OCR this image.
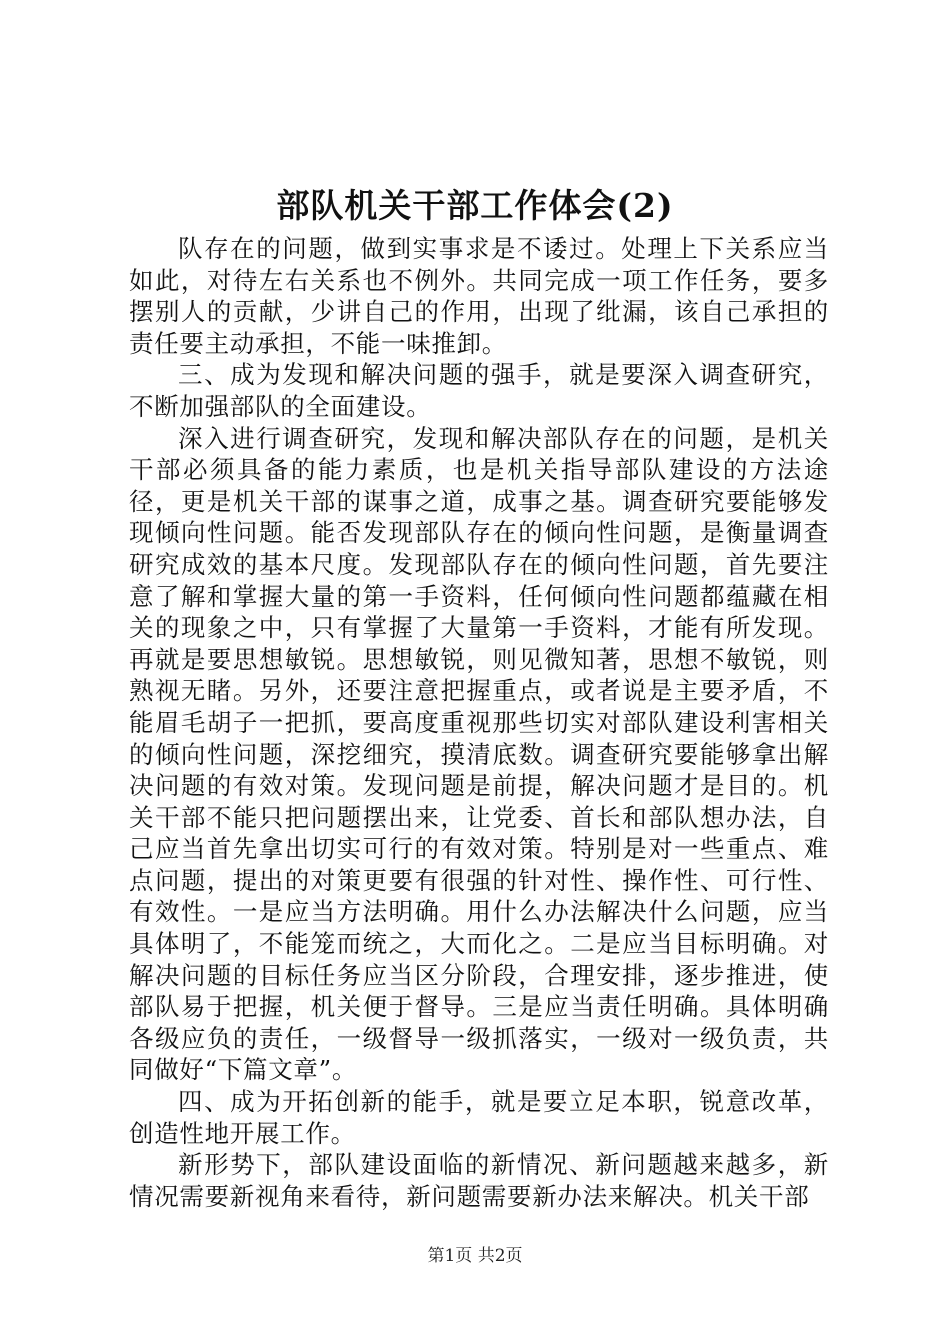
部队机关干部工作体会(2)

队存在的问题，做到实事求是不诿过。处理上下关系应当如此，对待左右关系也不例外。共同完成一项工作任务，要多摆别人的贡献，少讲自己的作用，出现了纰漏，该自己承担的责任要主动承担，不能一味推卸。

三、成为发现和解决问题的强手，就是要深入调查研究，不断加强部队的全面建设。

深入进行调查研究，发现和解决部队存在的问题，是机关干部必须具备的能力素质，也是机关指导部队建设的方法途径，更是机关干部的谋事之道，成事之基。调查研究要能够发现倾向性问题。能否发现部队存在的倾向性问题，是衡量调查研究成效的基本尺度。发现部队存在的倾向性问题，首先要注意了解和掌握大量的第一手资料，任何倾向性问题都蕴藏在相关的现象之中，只有掌握了大量第一手资料，才能有所发现。再就是要思想敏锐。思想敏锐，则见微知著，思想不敏锐，则熟视无睹。另外，还要注意把握重点，或者说是主要矛盾，不能眉毛胡子一把抓，要高度重视那些切实对部队建设利害相关的倾向性问题，深挖细究，摸清底数。调查研究要能够拿出解决问题的有效对策。发现问题是前提，解决问题才是目的。机关干部不能只把问题摆出来，让党委、首长和部队想办法，自己应当首先拿出切实可行的有效对策。特别是对一些重点、难点问题，提出的对策更要有很强的针对性、操作性、可行性、有效性。一是应当方法明确。用什么办法解决什么问题，应当具体明了，不能笼而统之，大而化之。二是应当目标明确。对解决问题的目标任务应当区分阶段，合理安排，逐步推进，使部队易于把握，机关便于督导。三是应当责任明确。具体明确各级应负的责任，一级督导一级抓落实，一级对一级负责，共同做好“下篇文章”。

四、成为开拓创新的能手，就是要立足本职，锐意改革，创造性地开展工作。

新形势下，部队建设面临的新情况、新问题越来越多，新情况需要新视角来看待，新问题需要新办法来解决。机关干部

第1页 共2页
